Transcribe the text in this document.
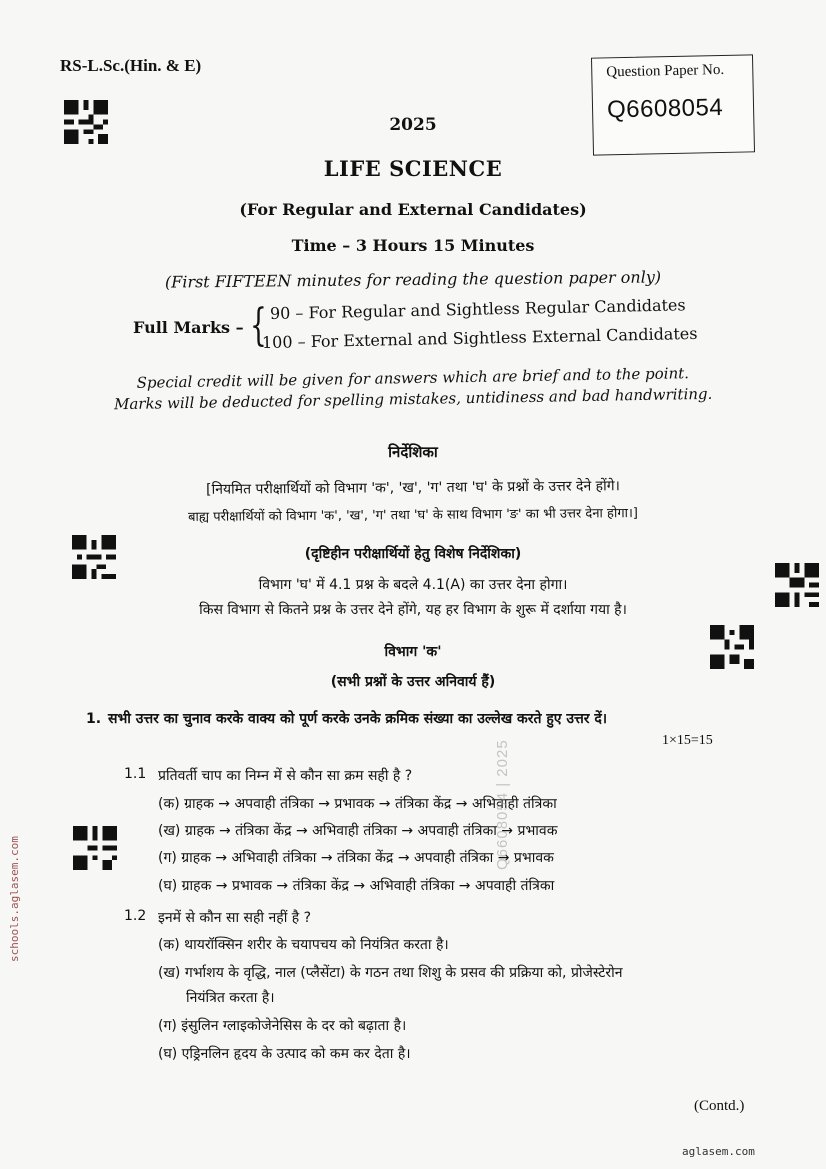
RS-L.Sc.(Hin. & E)	Question Paper No.
Q6608054
2025
LIFE SCIENCE
(For Regular and External Candidates)
Time – 3 Hours 15 Minutes
(First FIFTEEN minutes for reading the question paper only)
Full Marks – { 90 – For Regular and Sightless Regular Candidates
100 – For External and Sightless External Candidates
Special credit will be given for answers which are brief and to the point.
Marks will be deducted for spelling mistakes, untidiness and bad handwriting.
निर्देशिका
[नियमित परीक्षार्थियों को विभाग 'क', 'ख', 'ग' तथा 'घ' के प्रश्नों के उत्तर देने होंगे।
बाह्य परीक्षार्थियों को विभाग 'क', 'ख', 'ग' तथा 'घ' के साथ विभाग 'ङ' का भी उत्तर देना होगा।]
(दृष्टिहीन परीक्षार्थियों हेतु विशेष निर्देशिका)
विभाग 'घ' में 4.1 प्रश्न के बदले 4.1(A) का उत्तर देना होगा।
किस विभाग से कितने प्रश्न के उत्तर देने होंगे, यह हर विभाग के शुरू में दर्शाया गया है।
विभाग 'क'
(सभी प्रश्नों के उत्तर अनिवार्य हैं)
1. सभी उत्तर का चुनाव करके वाक्य को पूर्ण करके उनके क्रमिक संख्या का उल्लेख करते हुए उत्तर दें।
1×15=15
1.1 प्रतिवर्ती चाप का निम्न में से कौन सा क्रम सही है ?
(क) ग्राहक → अपवाही तंत्रिका → प्रभावक → तंत्रिका केंद्र → अभिवाही तंत्रिका
(ख) ग्राहक → तंत्रिका केंद्र → अभिवाही तंत्रिका → अपवाही तंत्रिका → प्रभावक
(ग) ग्राहक → अभिवाही तंत्रिका → तंत्रिका केंद्र → अपवाही तंत्रिका → प्रभावक
(घ) ग्राहक → प्रभावक → तंत्रिका केंद्र → अभिवाही तंत्रिका → अपवाही तंत्रिका
1.2 इनमें से कौन सा सही नहीं है ?
(क) थायरॉक्सिन शरीर के चयापचय को नियंत्रित करता है।
(ख) गर्भाशय के वृद्धि, नाल (प्लैसेंटा) के गठन तथा शिशु के प्रसव की प्रक्रिया को, प्रोजेस्टेरोन
नियंत्रित करता है।
(ग) इंसुलिन ग्लाइकोजेनेसिस के दर को बढ़ाता है।
(घ) एड्रिनलिन हृदय के उत्पाद को कम कर देता है।
Q6608054 | 2025
(Contd.)
schools.aglasem.com
aglasem.com
